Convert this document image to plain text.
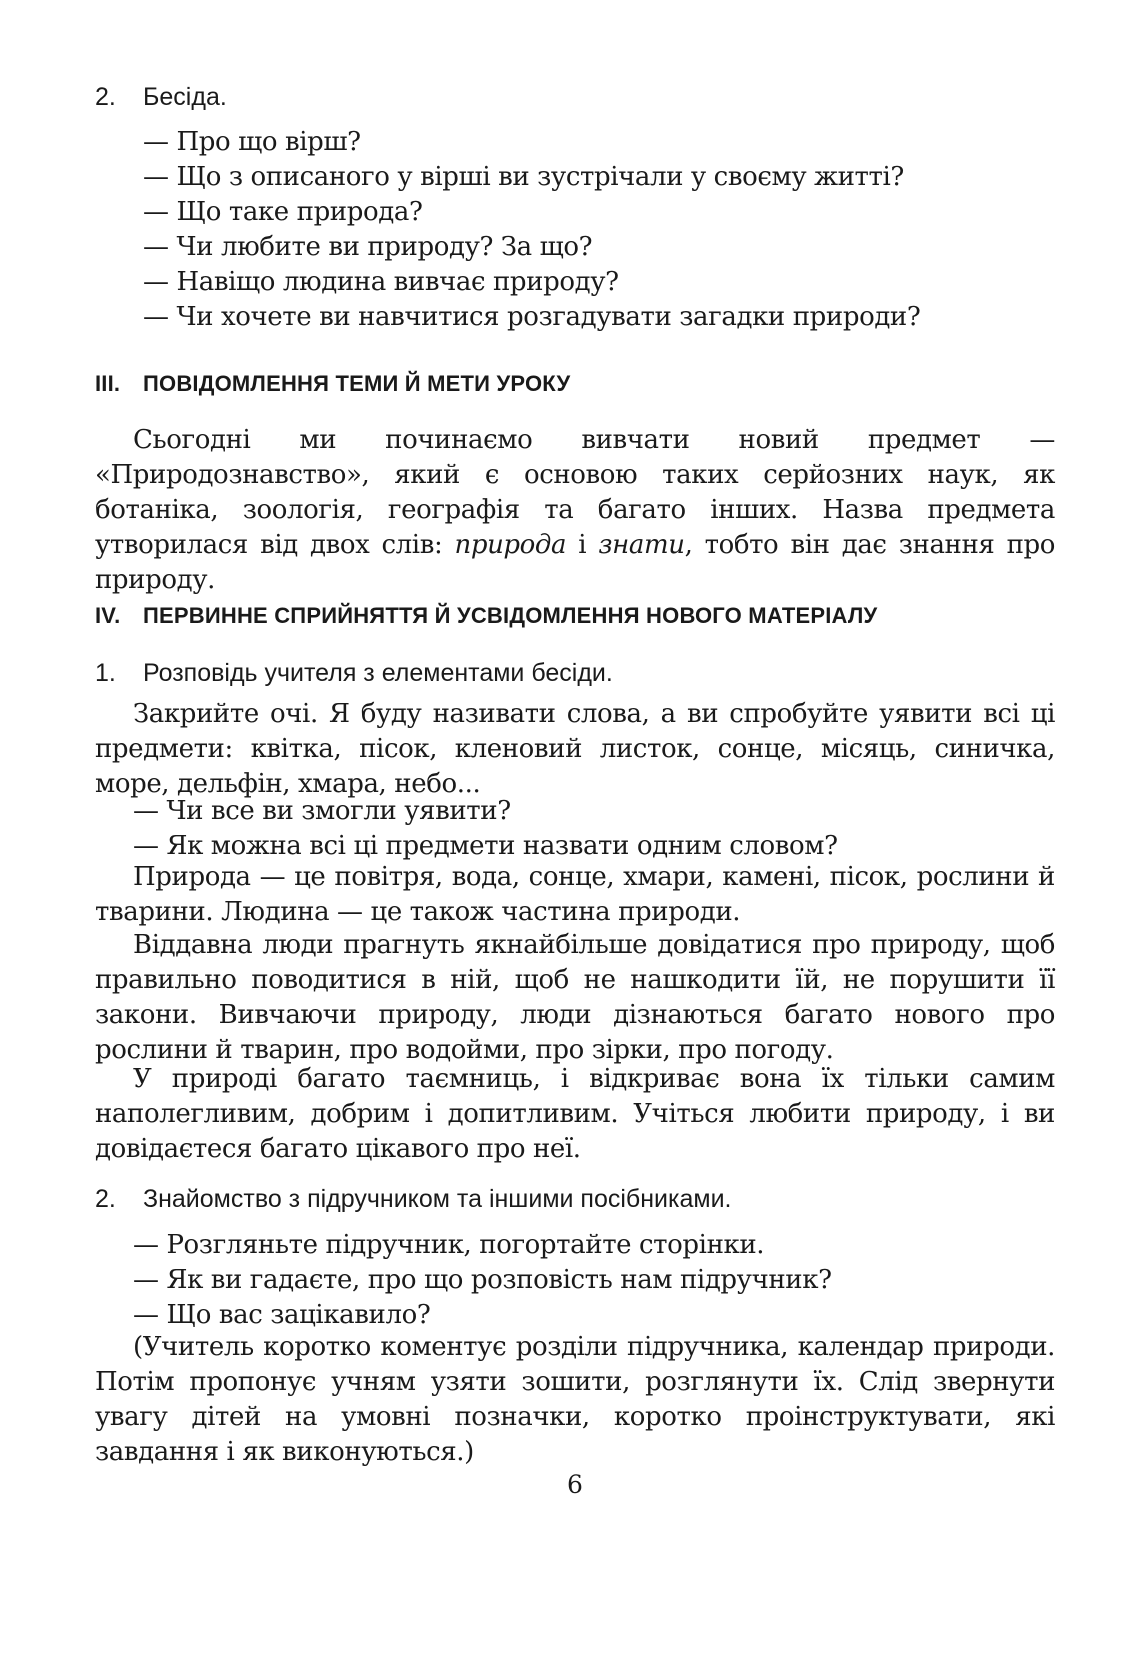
2.	Бесіда.
— Про що вірш?
— Що з описаного у вірші ви зустрічали у своєму житті?
— Що таке природа?
— Чи любите ви природу? За що?
— Навіщо людина вивчає природу?
— Чи хочете ви навчитися розгадувати загадки природи?
III.	ПОВІДОМЛЕННЯ ТЕМИ Й МЕТИ УРОКУ

Сьогодні ми починаємо вивчати новий предмет — «Природознавство», який є основою таких серйозних наук, як ботаніка, зоологія, географія та багато інших. Назва предмета утворилася від двох слів: природа і знати, тобто він дає знання про природу.

IV.	ПЕРВИННЕ СПРИЙНЯТТЯ Й УСВІДОМЛЕННЯ НОВОГО МАТЕРІАЛУ
1.	Розповідь учителя з елементами бесіди.

Закрийте очі. Я буду називати слова, а ви спробуйте уявити всі ці предмети: квітка, пісок, кленовий листок, сонце, місяць, синичка, море, дельфін, хмара, небо...

— Чи все ви змогли уявити?
— Як можна всі ці предмети назвати одним словом?

Природа — це повітря, вода, сонце, хмари, камені, пісок, рослини й тварини. Людина — це також частина природи.

Віддавна люди прагнуть якнайбільше довідатися про природу, щоб правильно поводитися в ній, щоб не нашкодити їй, не порушити її закони. Вивчаючи природу, люди дізнаються багато нового про рослини й тварин, про водойми, про зірки, про погоду.

У природі багато таємниць, і відкриває вона їх тільки самим наполегливим, добрим і допитливим. Учіться любити природу, і ви довідаєтеся багато цікавого про неї.

2.	Знайомство з підручником та іншими посібниками.
— Розгляньте підручник, погортайте сторінки.
— Як ви гадаєте, про що розповість нам підручник?
— Що вас зацікавило?

(Учитель коротко коментує розділи підручника, календар природи. Потім пропонує учням узяти зошити, розглянути їх. Слід звернути увагу дітей на умовні позначки, коротко проінструктувати, які завдання і як виконуються.)

6
